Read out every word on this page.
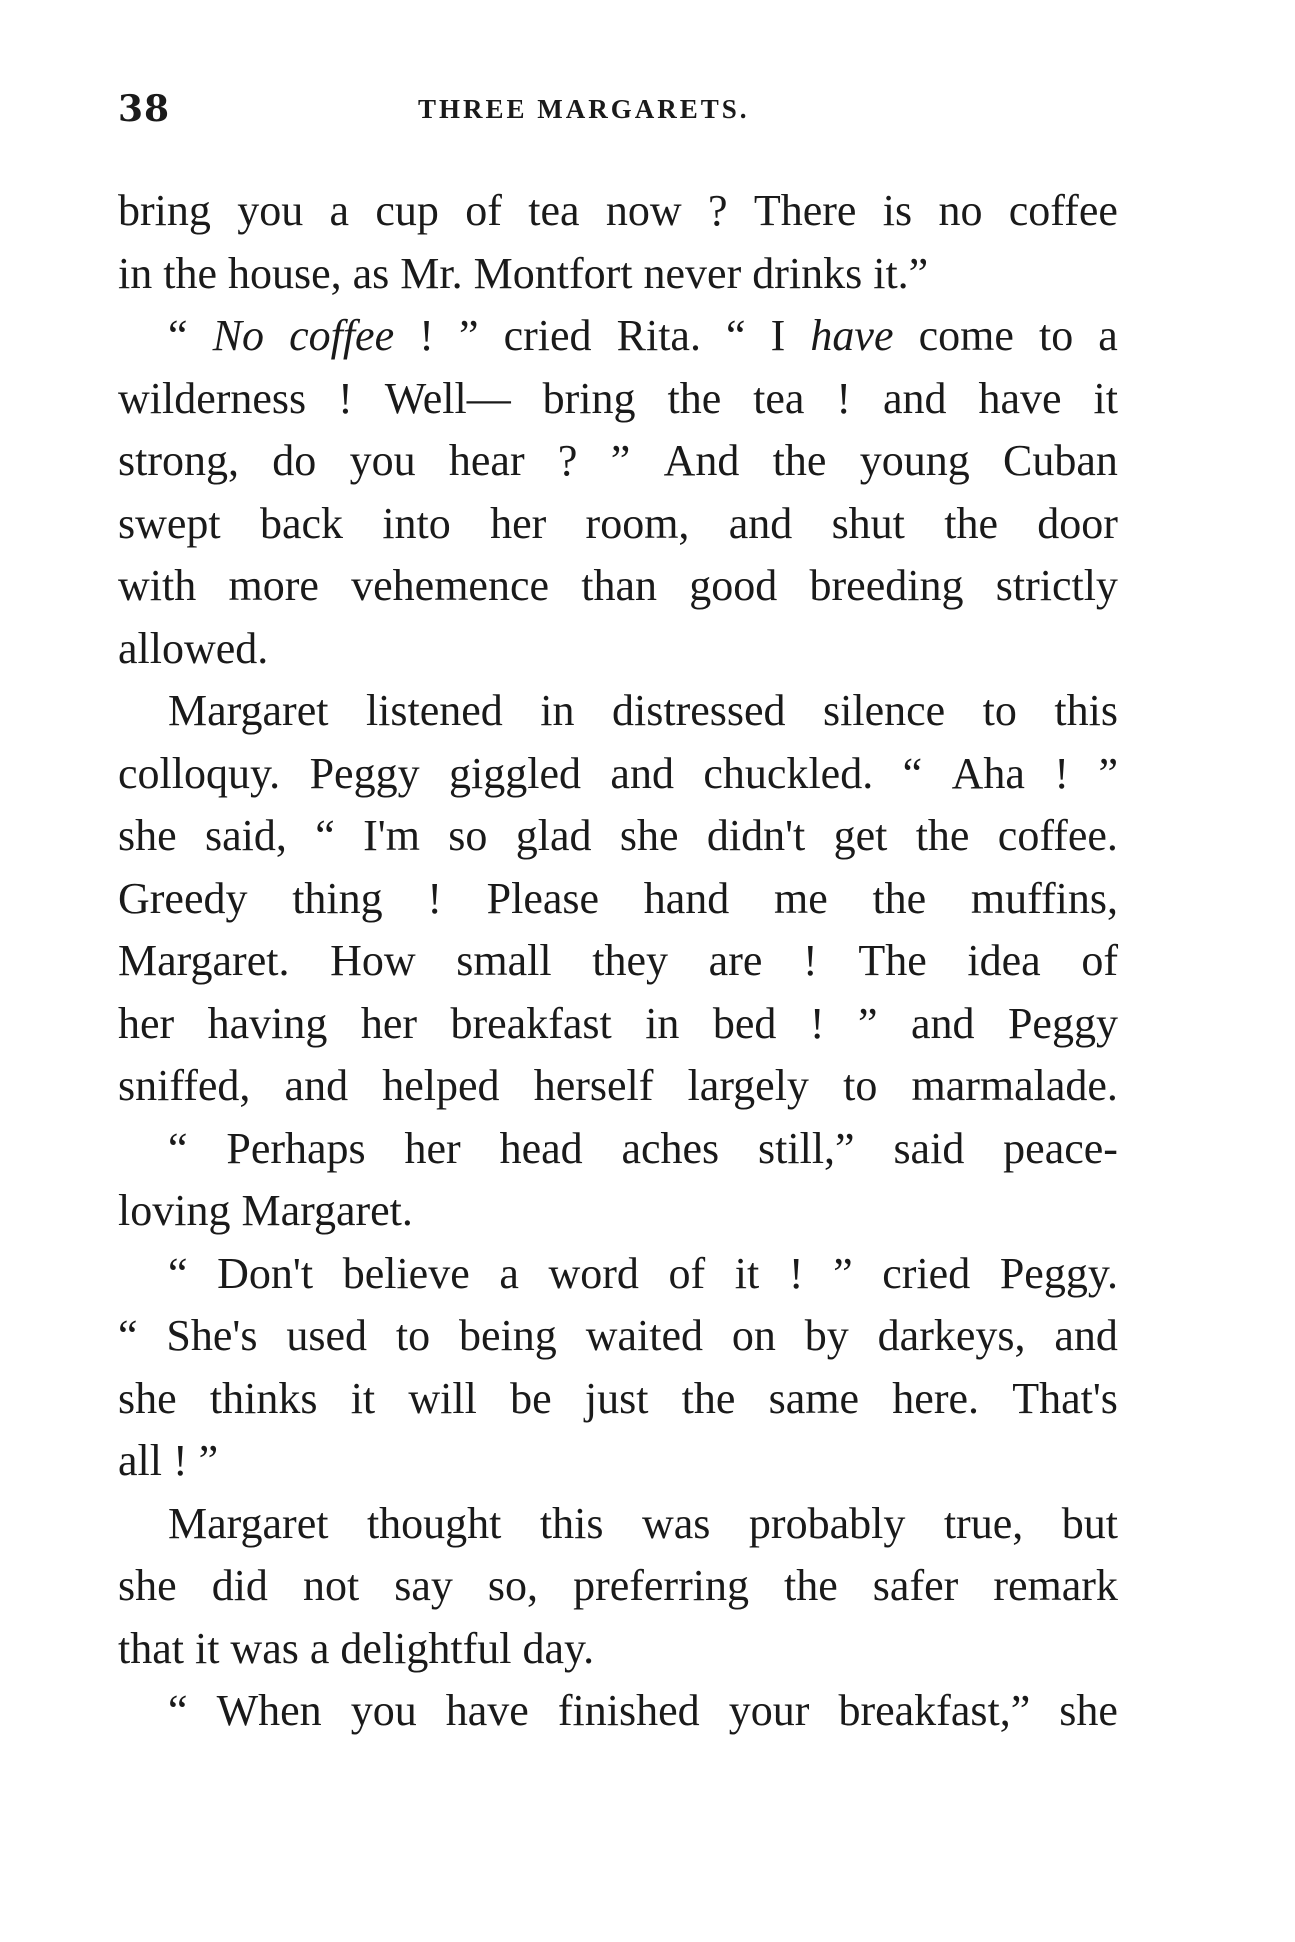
38	THREE MARGARETS.
bring you a cup of tea now ? There is no coffee
in the house, as Mr. Montfort never drinks it.”
“ No coffee ! ” cried Rita. “ I have come to a
wilderness ! Well— bring the tea ! and have it
strong, do you hear ? ” And the young Cuban
swept back into her room, and shut the door
with more vehemence than good breeding strictly
allowed.
Margaret listened in distressed silence to this
colloquy. Peggy giggled and chuckled. “ Aha ! ”
she said, “ I'm so glad she didn't get the coffee.
Greedy thing ! Please hand me the muffins,
Margaret. How small they are ! The idea of
her having her breakfast in bed ! ” and Peggy
sniffed, and helped herself largely to marmalade.
“ Perhaps her head aches still,” said peace-
loving Margaret.
“ Don't believe a word of it ! ” cried Peggy.
“ She's used to being waited on by darkeys, and
she thinks it will be just the same here. That's
all ! ”
Margaret thought this was probably true, but
she did not say so, preferring the safer remark
that it was a delightful day.
“ When you have finished your breakfast,” she
